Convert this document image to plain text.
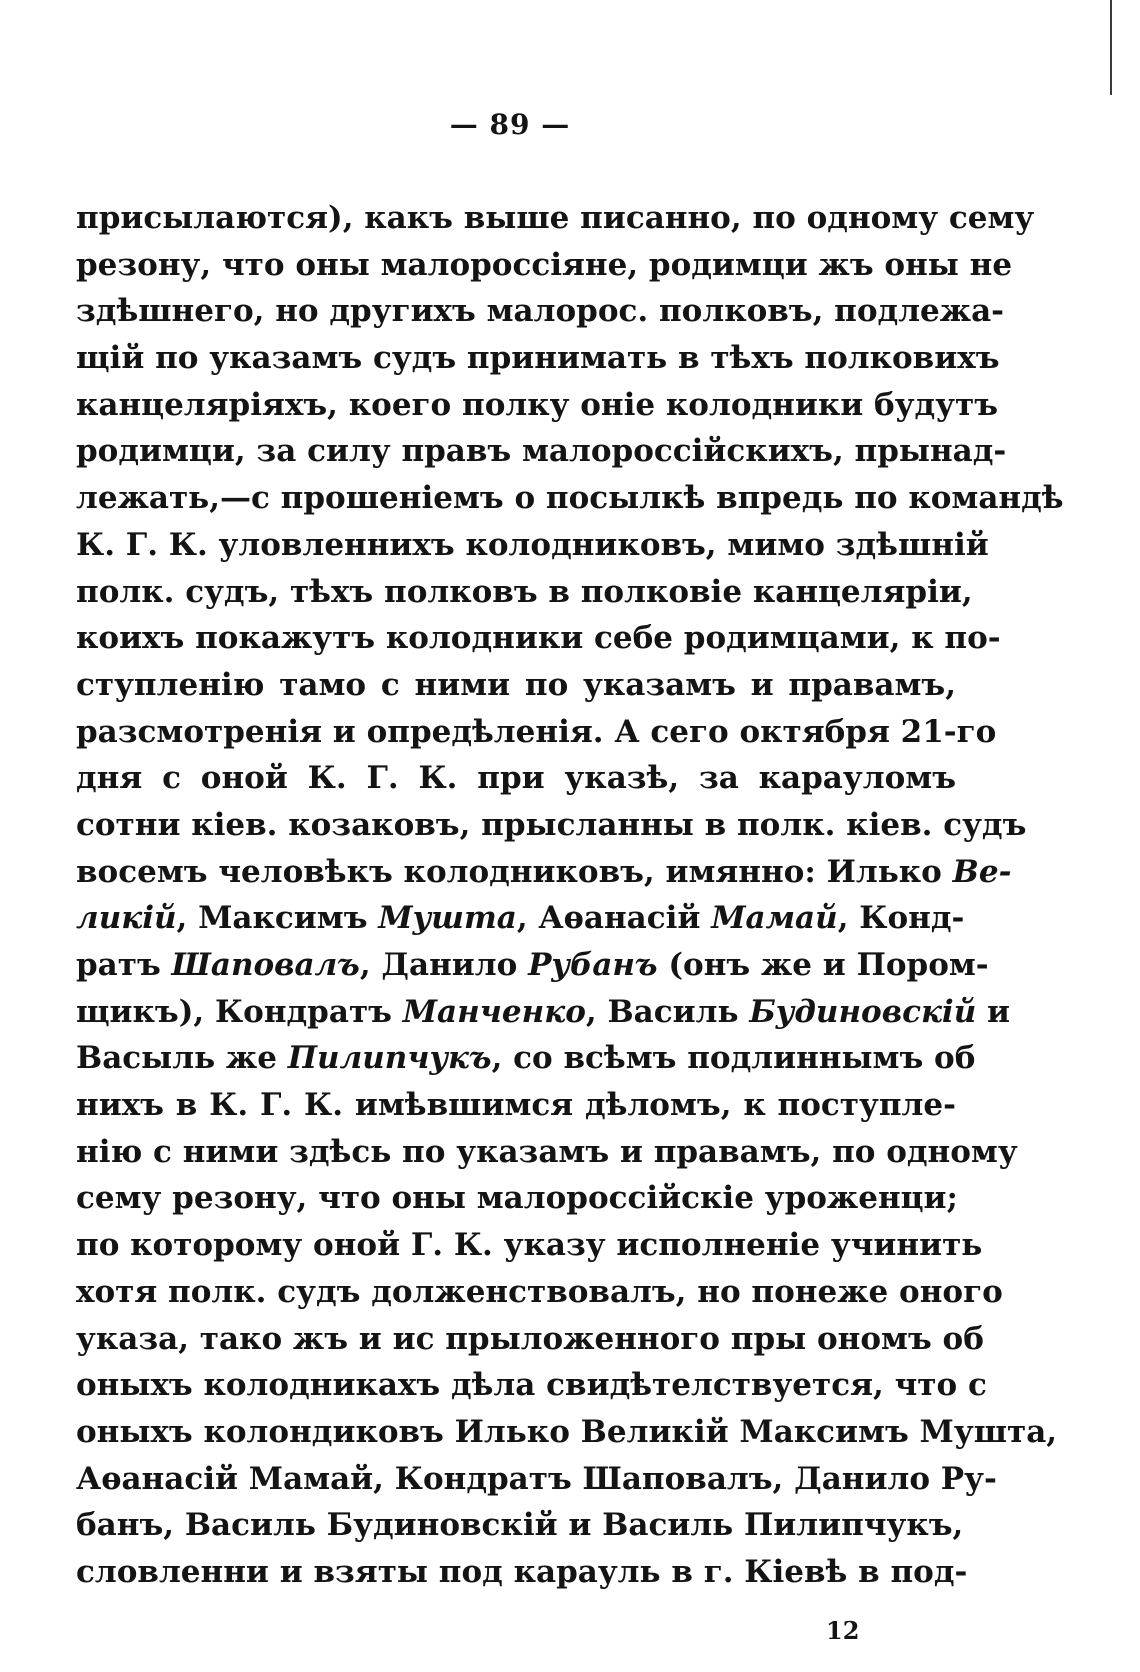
— 89 —
присылаются), какъ выше писанно, по одному сему
резону, что оны малороссіяне, родимци жъ оны не
здѣшнего, но другихъ малорос. полковъ, подлежа-
щій по указамъ судъ принимать в тѣхъ полковихъ
канцеляріяхъ, коего полку оніе колодники будутъ
родимци, за силу правъ малороссійскихъ, прынад-
лежать,—с прошеніемъ о посылкѣ впредь по командѣ
К. Г. К. уловленнихъ колодниковъ, мимо здѣшній
полк. судъ, тѣхъ полковъ в полковіе канцеляріи,
коихъ покажутъ колодники себе родимцами, к по-
ступленію тамо с ними по указамъ и правамъ,
разсмотренія и опредѣленія. А сего октября 21-го
дня с оной К. Г. К. при указѣ, за карауломъ
сотни кіев. козаковъ, прысланны в полк. кіев. судъ
восемъ человѣкъ колодниковъ, имянно: Илько Ве-
ликій, Максимъ Мушта, Аѳанасій Мамай, Конд-
ратъ Шаповалъ, Данило Рубанъ (онъ же и Пором-
щикъ), Кондратъ Манченко, Василь Будиновскій и
Васыль же Пилипчукъ, со всѣмъ подлиннымъ об
нихъ в К. Г. К. имѣвшимся дѣломъ, к поступле-
нію с ними здѣсь по указамъ и правамъ, по одному
сему резону, что оны малороссійскіе уроженци;
по которому оной Г. К. указу исполненіе учинить
хотя полк. судъ долженствовалъ, но понеже оного
указа, тако жъ и ис прыложенного пры ономъ об
оныхъ колодникахъ дѣла свидѣтелствуется, что с
оныхъ колондиковъ Илько Великій Максимъ Мушта,
Аѳанасій Мамай, Кондратъ Шаповалъ, Данило Ру-
банъ, Василь Будиновскій и Василь Пилипчукъ,
словленни и взяты под карауль в г. Кіевѣ в под-
12
